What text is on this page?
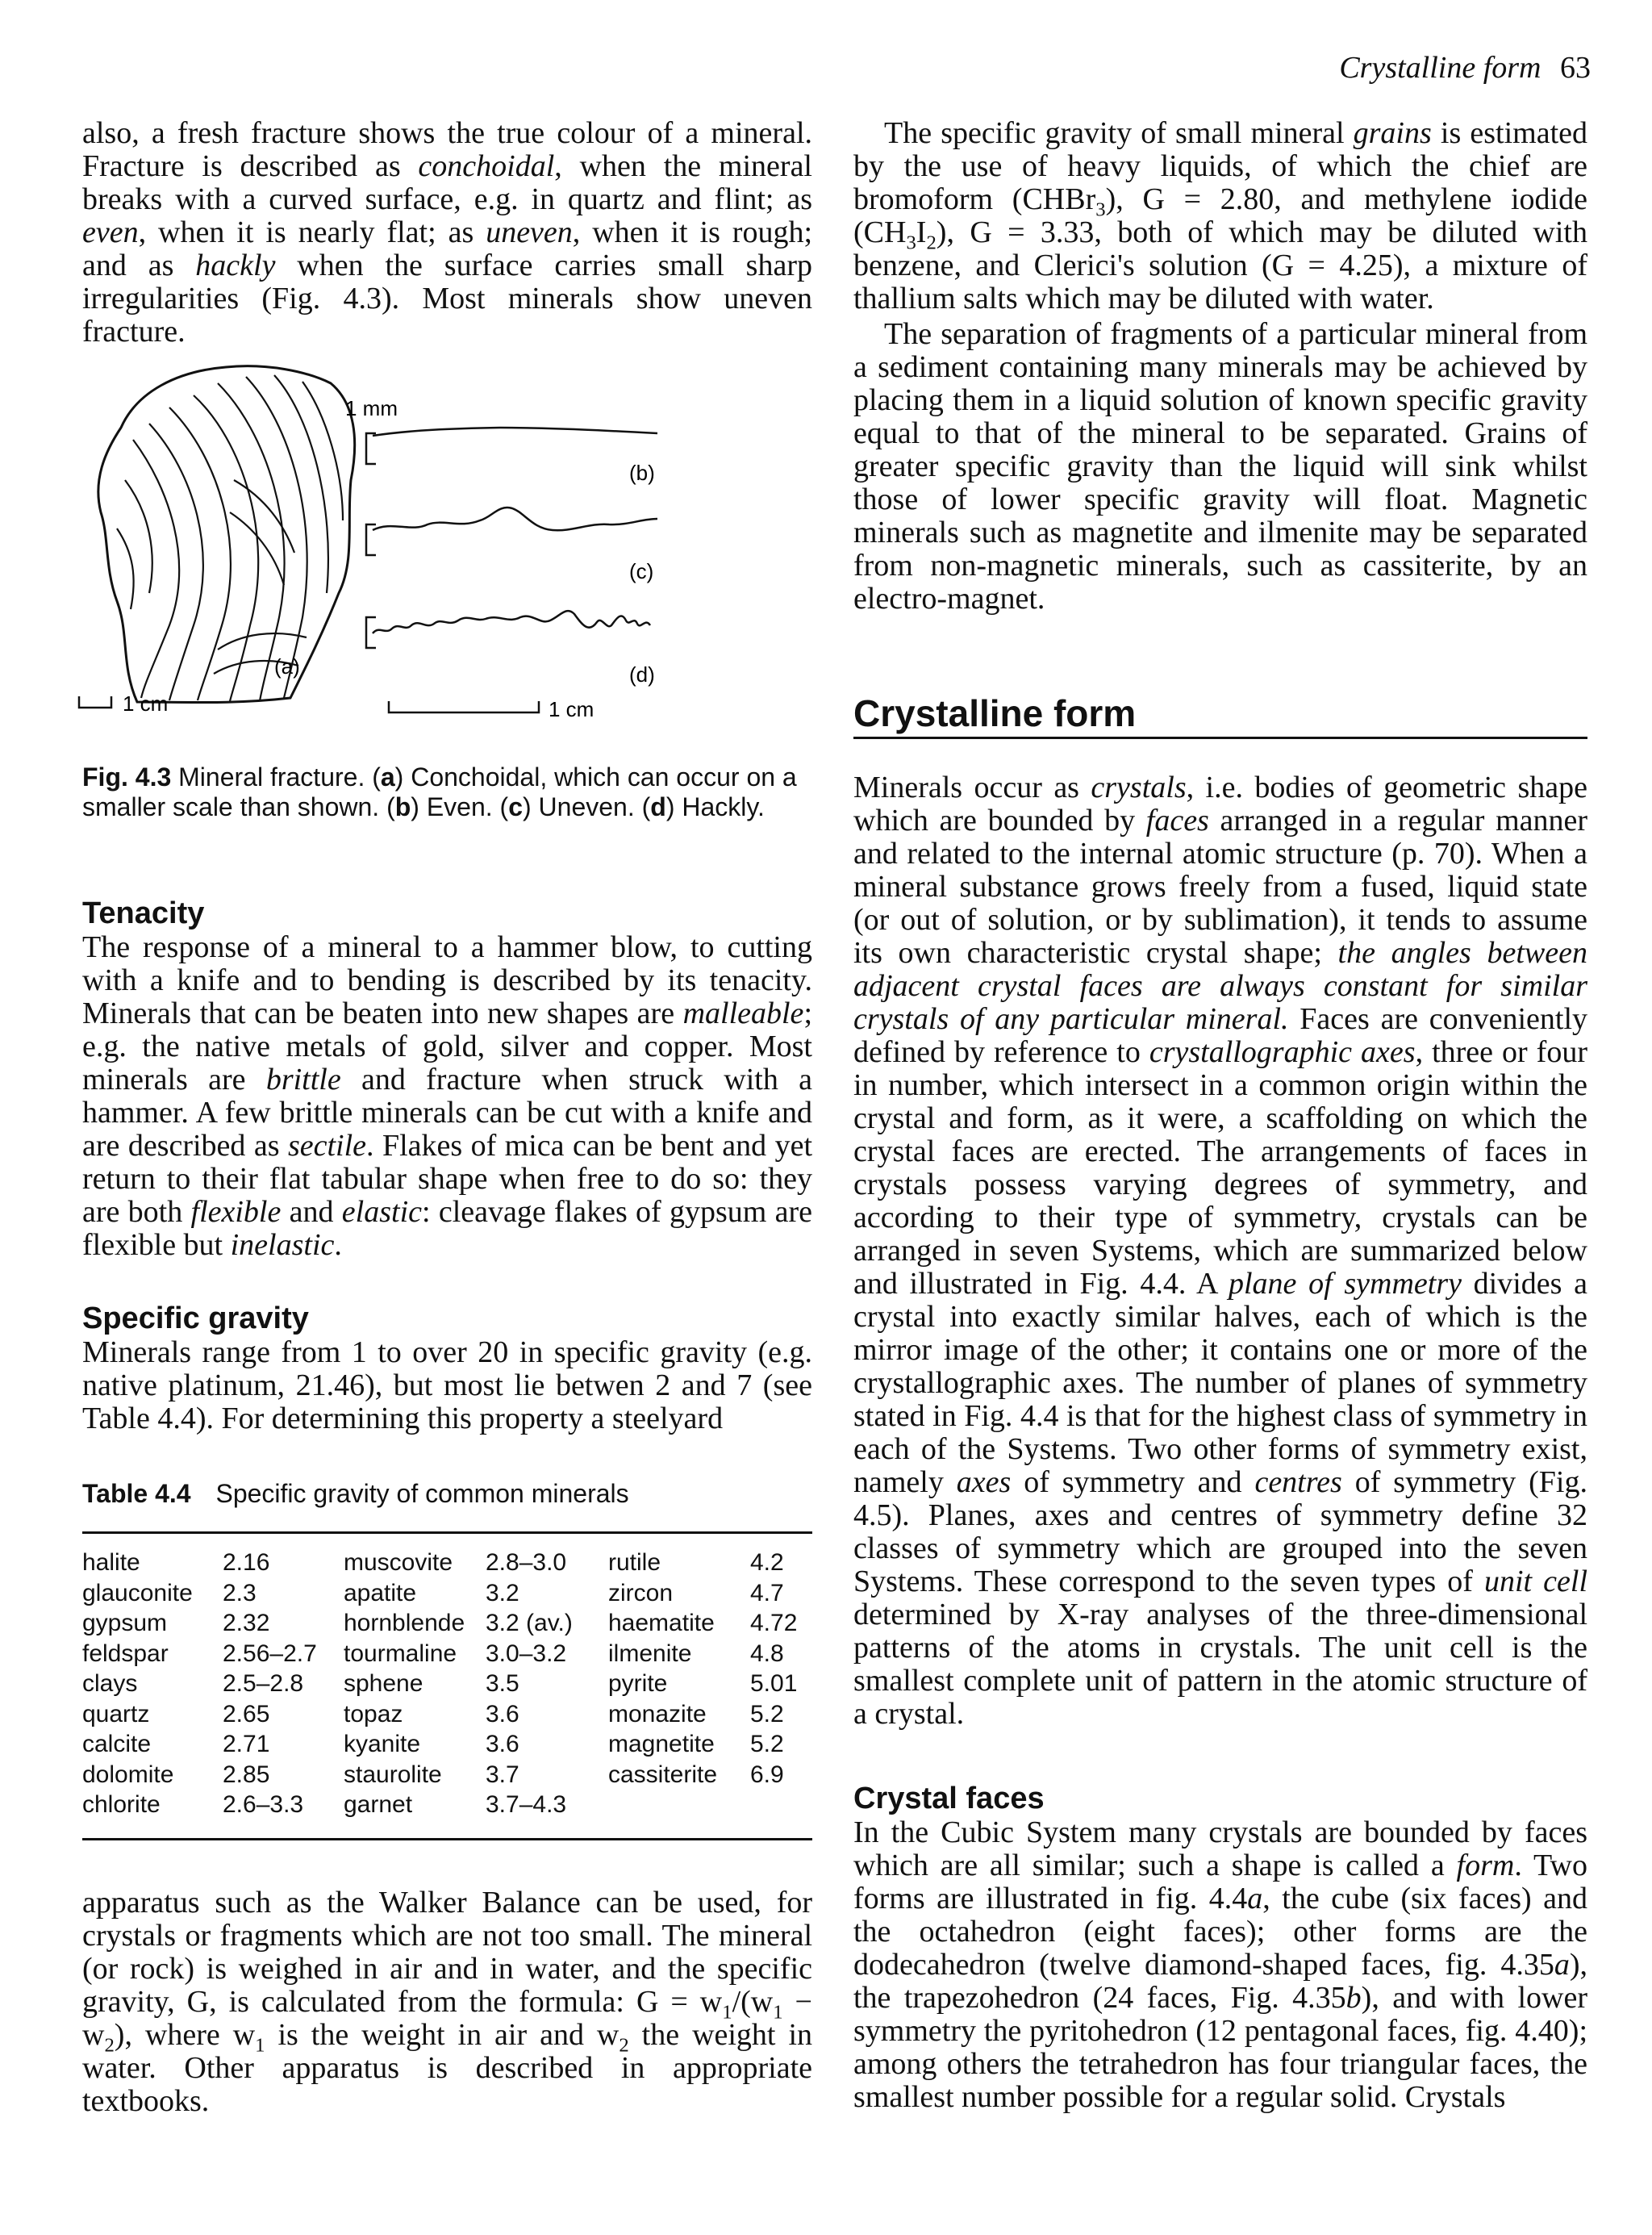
Crystalline form 63

also, a fresh fracture shows the true colour of a mineral. Fracture is described as conchoidal, when the mineral breaks with a curved surface, e.g. in quartz and flint; as even, when it is nearly flat; as uneven, when it is rough; and as hackly when the surface carries small sharp irregularities (Fig. 4.3). Most minerals show uneven fracture.

1 cm
(a)
1 mm
(b)
(c)
(d)
1 cm

Fig. 4.3 Mineral fracture. (a) Conchoidal, which can occur on a smaller scale than shown. (b) Even. (c) Uneven. (d) Hackly.

Tenacity

The response of a mineral to a hammer blow, to cutting with a knife and to bending is described by its tenacity. Minerals that can be beaten into new shapes are malleable; e.g. the native metals of gold, silver and copper. Most minerals are brittle and fracture when struck with a hammer. A few brittle minerals can be cut with a knife and are described as sectile. Flakes of mica can be bent and yet return to their flat tabular shape when free to do so: they are both flexible and elastic: cleavage flakes of gypsum are flexible but inelastic.

Specific gravity

Minerals range from 1 to over 20 in specific gravity (e.g. native platinum, 21.46), but most lie betwen 2 and 7 (see Table 4.4). For determining this property a steelyard

Table 4.4 Specific gravity of common minerals
halite	2.16	muscovite	2.8–3.0	rutile	4.2
glauconite	2.3	apatite	3.2	zircon	4.7
gypsum	2.32	hornblende	3.2 (av.)	haematite	4.72
feldspar	2.56–2.7	tourmaline	3.0–3.2	ilmenite	4.8
clays	2.5–2.8	sphene	3.5	pyrite	5.01
quartz	2.65	topaz	3.6	monazite	5.2
calcite	2.71	kyanite	3.6	magnetite	5.2
dolomite	2.85	staurolite	3.7	cassiterite	6.9
chlorite	2.6–3.3	garnet	3.7–4.3		

apparatus such as the Walker Balance can be used, for crystals or fragments which are not too small. The mineral (or rock) is weighed in air and in water, and the specific gravity, G, is calculated from the formula: $G = w_1/(w_1 - w_2)$, where $w_1$ is the weight in air and $w_2$ the weight in water. Other apparatus is described in appropriate textbooks.

The specific gravity of small mineral grains is estimated by the use of heavy liquids, of which the chief are bromoform (CHBr$_3$), G = 2.80, and methylene iodide $(CH_3I_2)$, G = 3.33, both of which may be diluted with benzene, and Clerici's solution (G = 4.25), a mixture of thallium salts which may be diluted with water.

The separation of fragments of a particular mineral from a sediment containing many minerals may be achieved by placing them in a liquid solution of known specific gravity equal to that of the mineral to be separated. Grains of greater specific gravity than the liquid will sink whilst those of lower specific gravity will float. Magnetic minerals such as magnetite and ilmenite may be separated from non-magnetic minerals, such as cassiterite, by an electro-magnet.

Crystalline form

Minerals occur as crystals, i.e. bodies of geometric shape which are bounded by faces arranged in a regular manner and related to the internal atomic structure (p. 70). When a mineral substance grows freely from a fused, liquid state (or out of solution, or by sublimation), it tends to assume its own characteristic crystal shape; the angles between adjacent crystal faces are always constant for similar crystals of any particular mineral. Faces are conveniently defined by reference to crystallographic axes, three or four in number, which intersect in a common origin within the crystal and form, as it were, a scaffolding on which the crystal faces are erected. The arrangements of faces in crystals possess varying degrees of symmetry, and according to their type of symmetry, crystals can be arranged in seven Systems, which are summarized below and illustrated in Fig. 4.4. A plane of symmetry divides a crystal into exactly similar halves, each of which is the mirror image of the other; it contains one or more of the crystallographic axes. The number of planes of symmetry stated in Fig. 4.4 is that for the highest class of symmetry in each of the Systems. Two other forms of symmetry exist, namely axes of symmetry and centres of symmetry (Fig. 4.5). Planes, axes and centres of symmetry define 32 classes of symmetry which are grouped into the seven Systems. These correspond to the seven types of unit cell determined by X-ray analyses of the three-dimensional patterns of the atoms in crystals. The unit cell is the smallest complete unit of pattern in the atomic structure of a crystal.

Crystal faces

In the Cubic System many crystals are bounded by faces which are all similar; such a shape is called a form. Two forms are illustrated in fig. 4.4a, the cube (six faces) and the octahedron (eight faces); other forms are the dodecahedron (twelve diamond-shaped faces, fig. 4.35a), the trapezohedron (24 faces, Fig. 4.35b), and with lower symmetry the pyritohedron (12 pentagonal faces, fig. 4.40); among others the tetrahedron has four triangular faces, the smallest number possible for a regular solid. Crystals
